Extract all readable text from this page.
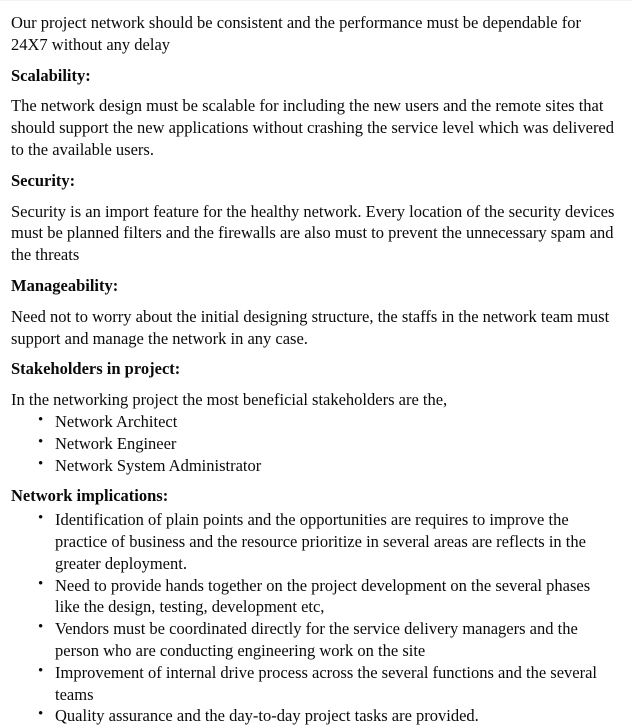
Our project network should be consistent and the performance must be dependable for 24X7 without any delay

Scalability:

The network design must be scalable for including the new users and the remote sites that should support the new applications without crashing the service level which was delivered to the available users.

Security:

Security is an import feature for the healthy network. Every location of the security devices must be planned filters and the firewalls are also must to prevent the unnecessary spam and the threats

Manageability:

Need not to worry about the initial designing structure, the staffs in the network team must support and manage the network in any case.

Stakeholders in project:

In the networking project the most beneficial stakeholders are the,

• Network Architect
• Network Engineer
• Network System Administrator
Network implications:
• Identification of plain points and the opportunities are requires to improve the practice of business and the resource prioritize in several areas are reflects in the greater deployment.
• Need to provide hands together on the project development on the several phases like the design, testing, development etc,
• Vendors must be coordinated directly for the service delivery managers and the person who are conducting engineering work on the site
• Improvement of internal drive process across the several functions and the several teams
• Quality assurance and the day-to-day project tasks are provided.
